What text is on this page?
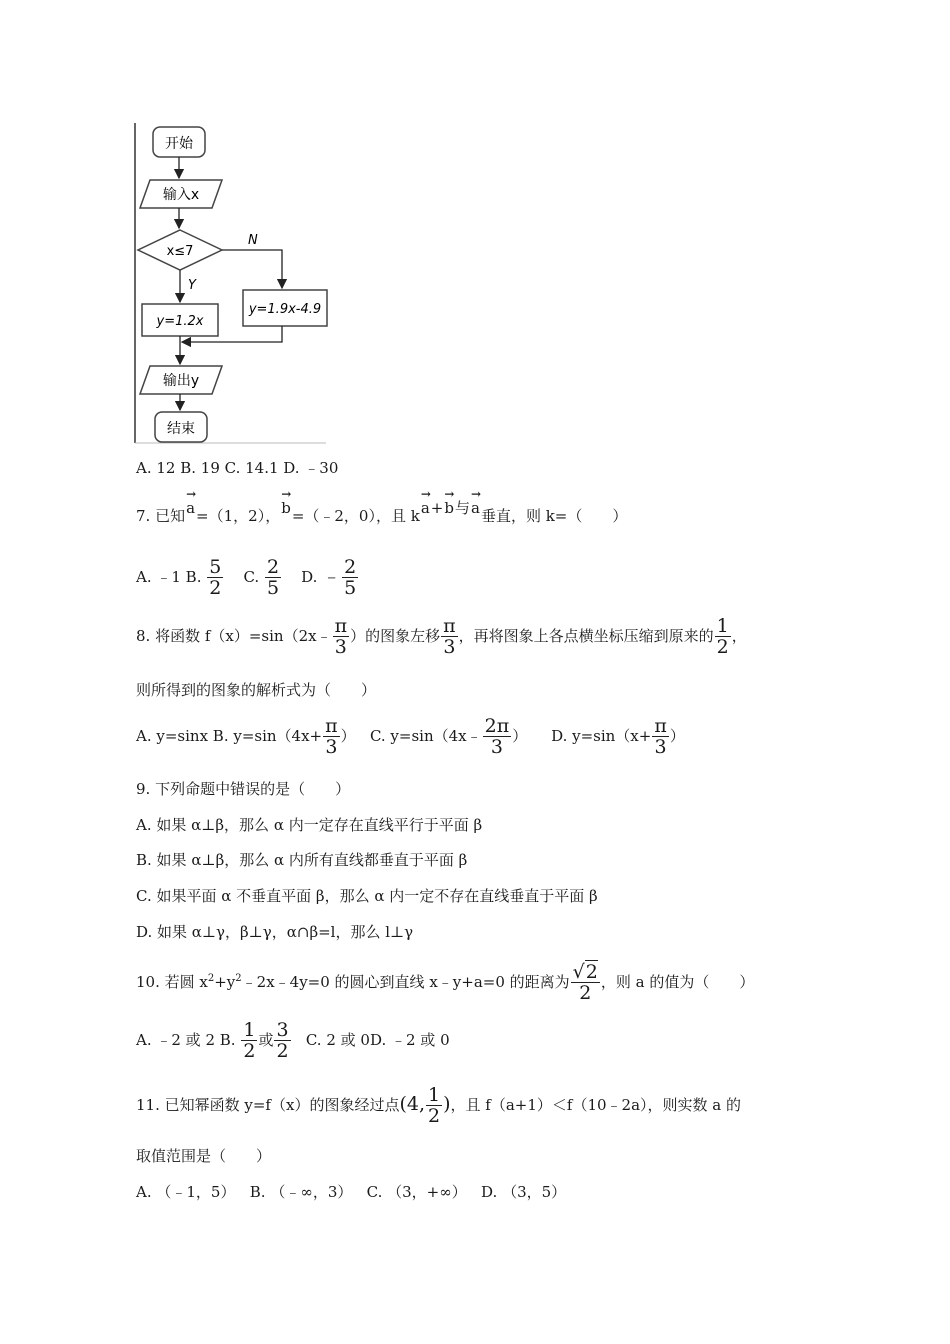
开始
输入x
x≤7
N
Y
y=1.2x
y=1.9x-4.9
输出y
结束
A. 12 B. 19 C. 14.1 D. ﹣30
7. 已知→ a=（1，2），→ b=（﹣2，0），且 k→ a+→ b与→ a垂直，则 k=（　　）
A. ﹣1 B. $\frac{5}{2} C$. $\frac{2}{5} D$. ﹣ $\frac{2}{5}$
8. 将函数 f（x）=sin（2x﹣ $\frac{\pi}{3}$ ）的图象左移 $\frac{\pi}{3}$ ，再将图象上各点横坐标压缩到原来的 $\frac{1}{2}$ ，
则所得到的图象的解析式为（　　）
A. y=sinx B. $y=\sin(4x+ \frac{\pi}{3}$ ） C. y=sin（4x﹣ $\frac{2\pi}{3}$ ） D. $y=\sin(x+ \frac{\pi}{3}$ ）
9. 下列命题中错误的是（　　）
A. 如果 α⊥β，那么 α 内一定存在直线平行于平面 β
B. 如果 α⊥β，那么 α 内所有直线都垂直于平面 β
C. 如果平面 α 不垂直平面 β，那么 α 内一定不存在直线垂直于平面 β
D. 如果 α⊥γ，β⊥γ，α∩β=l，那么 l⊥γ
10. 若圆 $x^2+y^2﹣2x﹣4y=0$ 的圆心到直线 x﹣y+a=0 的距离为 $\frac{√2}{2}$ ，则 a 的值为（　　）
A. ﹣2 或 2 B. $\frac{1}{2}$ 或 $\frac{3}{2} C$. 2 或 0D. ﹣2 或 0
11. 已知幂函数 y=f（x）的图象经过点(4, $\frac{1}{2}$ )，且 f（a+1）＜f（10﹣2a），则实数 a 的
取值范围是（　　）
A. （﹣1，5）   B. （﹣∞，3）   C. （3，+∞）   D. （3，5）
